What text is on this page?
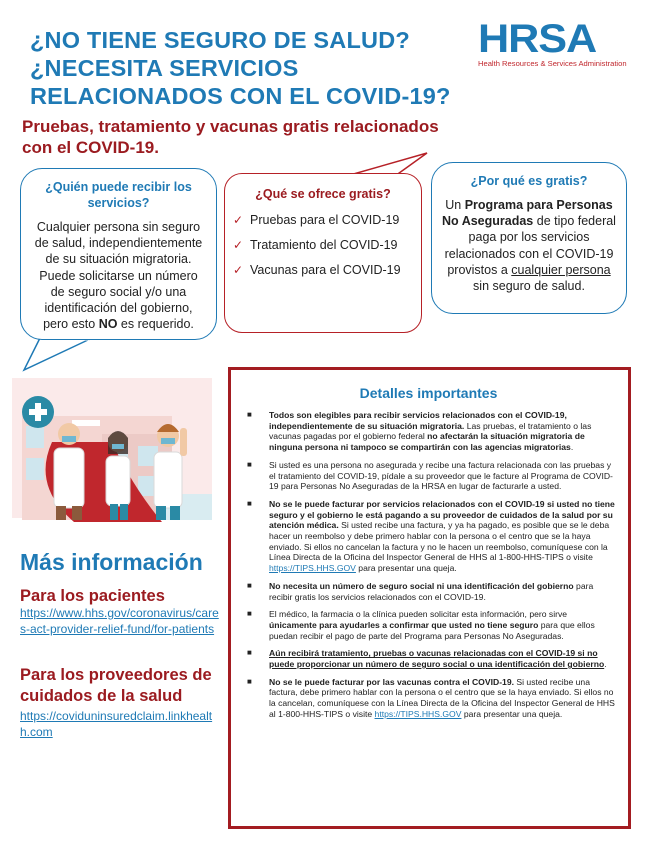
¿NO TIENE SEGURO DE SALUD?
¿NECESITA SERVICIOS
RELACIONADOS CON EL COVID-19?
HRSA
Health Resources & Services Administration
Pruebas, tratamiento y vacunas gratis relacionados con el COVID-19.
¿Quién puede recibir los servicios?
Cualquier persona sin seguro de salud, independientemente de su situación migratoria. Puede solicitarse un número de seguro social y/o una identificación del gobierno, pero esto NO es requerido.
¿Qué se ofrece gratis?
✓ Pruebas para el COVID-19
✓ Tratamiento del COVID-19
✓ Vacunas para el COVID-19
¿Por qué es gratis?
Un Programa para Personas No Aseguradas de tipo federal paga por los servicios relacionados con el COVID-19 provistos a cualquier persona sin seguro de salud.
Más información
Para los pacientes
https://www.hhs.gov/coronavirus/cares-act-provider-relief-fund/for-patients
Para los proveedores de cuidados de la salud
https://coviduninsuredclaim.linkhealth.com
Detalles importantes
■ Todos son elegibles para recibir servicios relacionados con el COVID-19, independientemente de su situación migratoria. Las pruebas, el tratamiento o las vacunas pagadas por el gobierno federal no afectarán la situación migratoria de ninguna persona ni tampoco se compartirán con las agencias migratorias.
■ Si usted es una persona no asegurada y recibe una factura relacionada con las pruebas y el tratamiento del COVID-19, pídale a su proveedor que le facture al Programa de COVID-19 para Personas No Aseguradas de la HRSA en lugar de facturarle a usted.
■ No se le puede facturar por servicios relacionados con el COVID-19 si usted no tiene seguro y el gobierno le está pagando a su proveedor de cuidados de la salud por su atención médica. Si usted recibe una factura, y ya ha pagado, es posible que se le deba hacer un reembolso y debe primero hablar con la persona o el centro que se la haya enviado. Si ellos no cancelan la factura y no le hacen un reembolso, comuníquese con la Línea Directa de la Oficina del Inspector General de HHS al 1-800-HHS-TIPS o visite https://TIPS.HHS.GOV para presentar una queja.
■ No necesita un número de seguro social ni una identificación del gobierno para recibir gratis los servicios relacionados con el COVID-19.
■ El médico, la farmacia o la clínica pueden solicitar esta información, pero sirve únicamente para ayudarles a confirmar que usted no tiene seguro para que ellos puedan recibir el pago de parte del Programa para Personas No Aseguradas.
■ Aún recibirá tratamiento, pruebas o vacunas relacionadas con el COVID-19 si no puede proporcionar un número de seguro social o una identificación del gobierno.
■ No se le puede facturar por las vacunas contra el COVID-19. Si usted recibe una factura, debe primero hablar con la persona o el centro que se la haya enviado. Si ellos no la cancelan, comuníquese con la Línea Directa de la Oficina del Inspector General de HHS al 1-800-HHS-TIPS o visite https://TIPS.HHS.GOV para presentar una queja.
